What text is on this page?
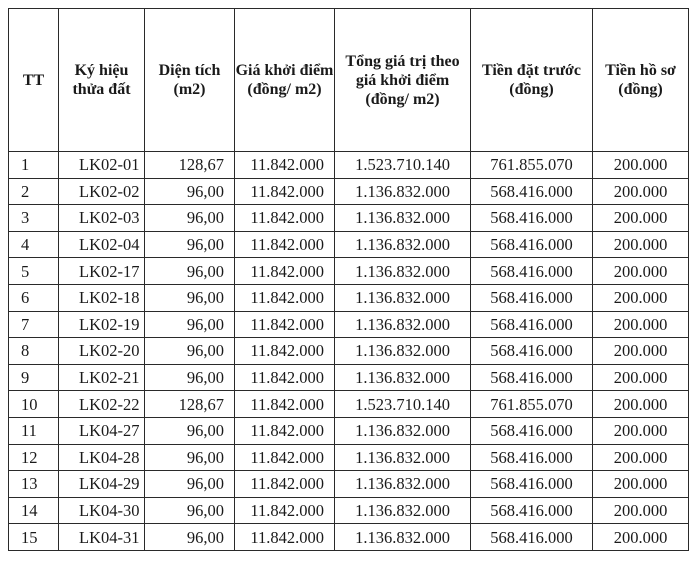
TT	Ký hiệu thửa đất	Diện tích (m2)	Giá khởi điểm (đồng/ m2)	Tổng giá trị theo giá khởi điểm (đồng/ m2)	Tiền đặt trước (đồng)	Tiền hồ sơ (đồng)
1	LK02-01	128,67	11.842.000	1.523.710.140	761.855.070	200.000
2	LK02-02	96,00	11.842.000	1.136.832.000	568.416.000	200.000
3	LK02-03	96,00	11.842.000	1.136.832.000	568.416.000	200.000
4	LK02-04	96,00	11.842.000	1.136.832.000	568.416.000	200.000
5	LK02-17	96,00	11.842.000	1.136.832.000	568.416.000	200.000
6	LK02-18	96,00	11.842.000	1.136.832.000	568.416.000	200.000
7	LK02-19	96,00	11.842.000	1.136.832.000	568.416.000	200.000
8	LK02-20	96,00	11.842.000	1.136.832.000	568.416.000	200.000
9	LK02-21	96,00	11.842.000	1.136.832.000	568.416.000	200.000
10	LK02-22	128,67	11.842.000	1.523.710.140	761.855.070	200.000
11	LK04-27	96,00	11.842.000	1.136.832.000	568.416.000	200.000
12	LK04-28	96,00	11.842.000	1.136.832.000	568.416.000	200.000
13	LK04-29	96,00	11.842.000	1.136.832.000	568.416.000	200.000
14	LK04-30	96,00	11.842.000	1.136.832.000	568.416.000	200.000
15	LK04-31	96,00	11.842.000	1.136.832.000	568.416.000	200.000
